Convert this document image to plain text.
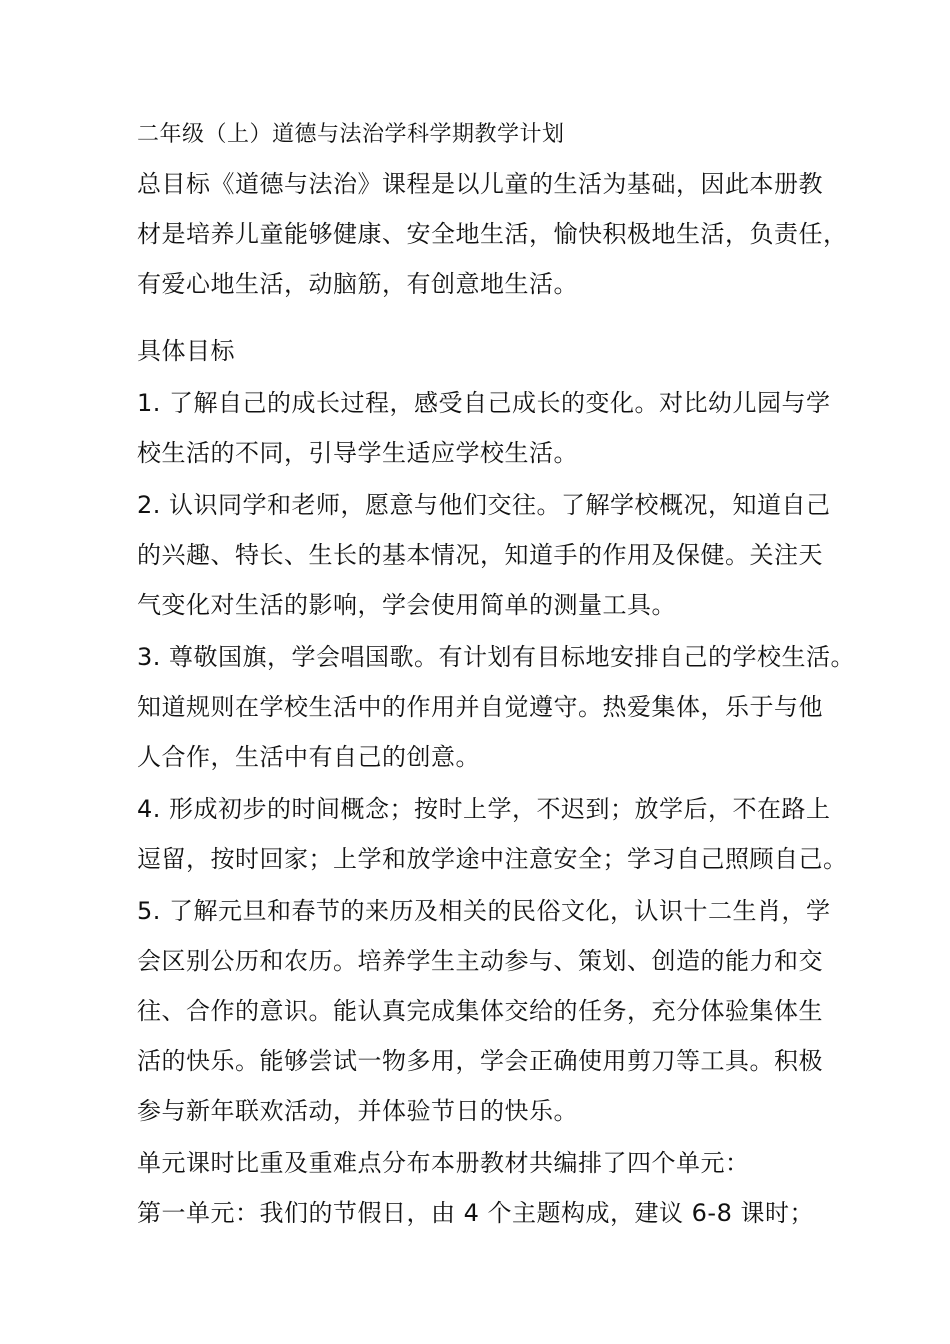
二年级（上）道德与法治学科学期教学计划
总目标《道德与法治》课程是以儿童的生活为基础，因此本册教
材是培养儿童能够健康、安全地生活，愉快积极地生活，负责任，
有爱心地生活，动脑筋，有创意地生活。
具体目标
1. 了解自己的成长过程，感受自己成长的变化。对比幼儿园与学
校生活的不同，引导学生适应学校生活。
2. 认识同学和老师，愿意与他们交往。了解学校概况，知道自己
的兴趣、特长、生长的基本情况，知道手的作用及保健。关注天
气变化对生活的影响，学会使用简单的测量工具。
3. 尊敬国旗，学会唱国歌。有计划有目标地安排自己的学校生活。
知道规则在学校生活中的作用并自觉遵守。热爱集体，乐于与他
人合作，生活中有自己的创意。
4. 形成初步的时间概念；按时上学，不迟到；放学后，不在路上
逗留，按时回家；上学和放学途中注意安全；学习自己照顾自己。
5. 了解元旦和春节的来历及相关的民俗文化，认识十二生肖，学
会区别公历和农历。培养学生主动参与、策划、创造的能力和交
往、合作的意识。能认真完成集体交给的任务，充分体验集体生
活的快乐。能够尝试一物多用，学会正确使用剪刀等工具。积极
参与新年联欢活动，并体验节日的快乐。
单元课时比重及重难点分布本册教材共编排了四个单元：
第一单元：我们的节假日，由 4 个主题构成，建议 6-8 课时；
